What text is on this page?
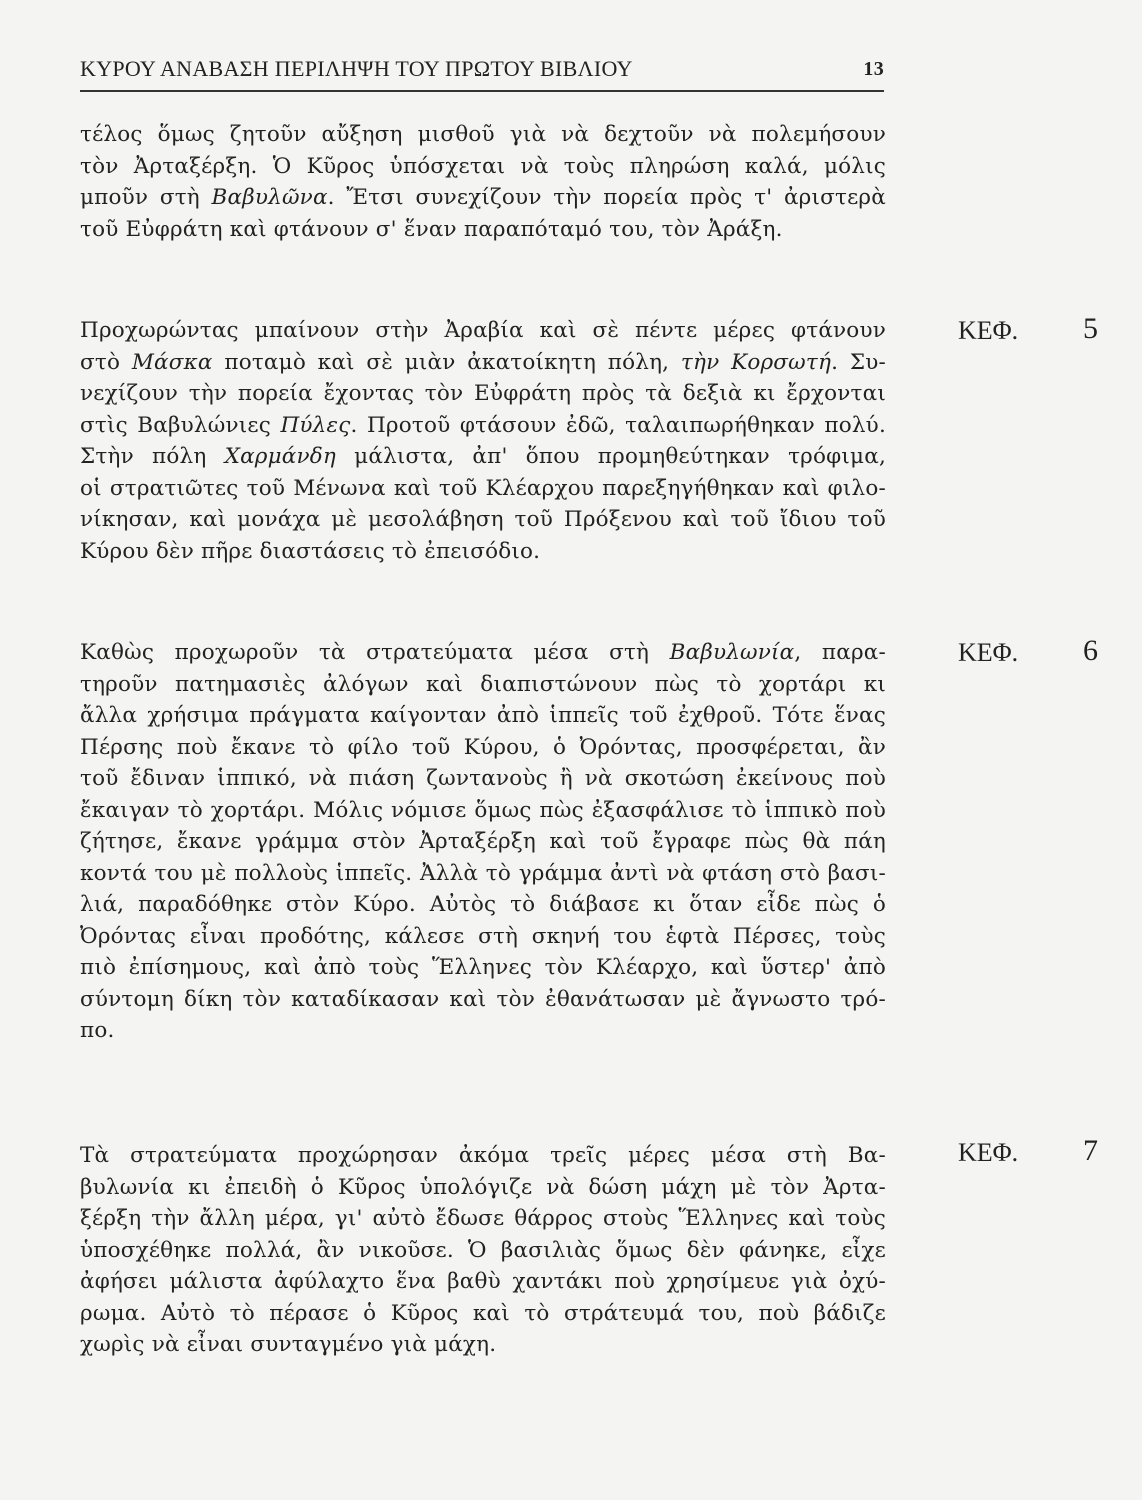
ΚΥΡΟΥ ΑΝΑΒΑΣΗ ΠΕΡΙΛΗΨΗ ΤΟΥ ΠΡΩΤΟΥ ΒΙΒΛΙΟΥ	13
τέλος ὅμως ζητοῦν αὔξηση μισθοῦ γιὰ νὰ δεχτοῦν νὰ πολεμήσουν
τὸν Ἀρταξέρξη. Ὁ Κῦρος ὑπόσχεται νὰ τοὺς πληρώση καλά, μόλις
μποῦν στὴ Βαβυλῶνα. Ἔτσι συνεχίζουν τὴν πορεία πρὸς τ' ἀριστερὰ
τοῦ Εὐφράτη καὶ φτάνουν σ' ἕναν παραπόταμό του, τὸν Ἀράξη.
Προχωρώντας μπαίνουν στὴν Ἀραβία καὶ σὲ πέντε μέρες φτάνουν
στὸ Μάσκα ποταμὸ καὶ σὲ μιὰν ἀκατοίκητη πόλη, τὴν Κορσωτή. Συ-
νεχίζουν τὴν πορεία ἔχοντας τὸν Εὐφράτη πρὸς τὰ δεξιὰ κι ἔρχονται
στὶς Βαβυλώνιες Πύλες. Προτοῦ φτάσουν ἐδῶ, ταλαιπωρήθηκαν πολύ.
Στὴν πόλη Χαρμάνδη μάλιστα, ἀπ' ὅπου προμηθεύτηκαν τρόφιμα,
οἱ στρατιῶτες τοῦ Μένωνα καὶ τοῦ Κλέαρχου παρεξηγήθηκαν καὶ φιλο-
νίκησαν, καὶ μονάχα μὲ μεσολάβηση τοῦ Πρόξενου καὶ τοῦ ἴδιου τοῦ
Κύρου δὲν πῆρε διαστάσεις τὸ ἐπεισόδιο.
Καθὼς προχωροῦν τὰ στρατεύματα μέσα στὴ Βαβυλωνία, παρα-
τηροῦν πατημασιὲς ἀλόγων καὶ διαπιστώνουν πὼς τὸ χορτάρι κι
ἄλλα χρήσιμα πράγματα καίγονταν ἀπὸ ἱππεῖς τοῦ ἐχθροῦ. Τότε ἕνας
Πέρσης ποὺ ἔκανε τὸ φίλο τοῦ Κύρου, ὁ Ὀρόντας, προσφέρεται, ἂν
τοῦ ἔδιναν ἱππικό, νὰ πιάση ζωντανοὺς ἢ νὰ σκοτώση ἐκείνους ποὺ
ἔκαιγαν τὸ χορτάρι. Μόλις νόμισε ὅμως πὼς ἐξασφάλισε τὸ ἱππικὸ ποὺ
ζήτησε, ἔκανε γράμμα στὸν Ἀρταξέρξη καὶ τοῦ ἔγραφε πὼς θὰ πάη
κοντά του μὲ πολλοὺς ἱππεῖς. Ἀλλὰ τὸ γράμμα ἀντὶ νὰ φτάση στὸ βασι-
λιά, παραδόθηκε στὸν Κύρο. Αὐτὸς τὸ διάβασε κι ὅταν εἶδε πὼς ὁ
Ὀρόντας εἶναι προδότης, κάλεσε στὴ σκηνή του ἑφτὰ Πέρσες, τοὺς
πιὸ ἐπίσημους, καὶ ἀπὸ τοὺς Ἕλληνες τὸν Κλέαρχο, καὶ ὕστερ' ἀπὸ
σύντομη δίκη τὸν καταδίκασαν καὶ τὸν ἐθανάτωσαν μὲ ἄγνωστο τρό-
πο.
Τὰ στρατεύματα προχώρησαν ἀκόμα τρεῖς μέρες μέσα στὴ Βα-
βυλωνία κι ἐπειδὴ ὁ Κῦρος ὑπολόγιζε νὰ δώση μάχη μὲ τὸν Ἀρτα-
ξέρξη τὴν ἄλλη μέρα, γι' αὐτὸ ἔδωσε θάρρος στοὺς Ἕλληνες καὶ τοὺς
ὑποσχέθηκε πολλά, ἂν νικοῦσε. Ὁ βασιλιὰς ὅμως δὲν φάνηκε, εἶχε
ἀφήσει μάλιστα ἀφύλαχτο ἕνα βαθὺ χαντάκι ποὺ χρησίμευε γιὰ ὀχύ-
ρωμα. Αὐτὸ τὸ πέρασε ὁ Κῦρος καὶ τὸ στράτευμά του, ποὺ βάδιζε
χωρὶς νὰ εἶναι συνταγμένο γιὰ μάχη.
ΚΕΦ. 5
ΚΕΦ. 6
ΚΕΦ. 7
